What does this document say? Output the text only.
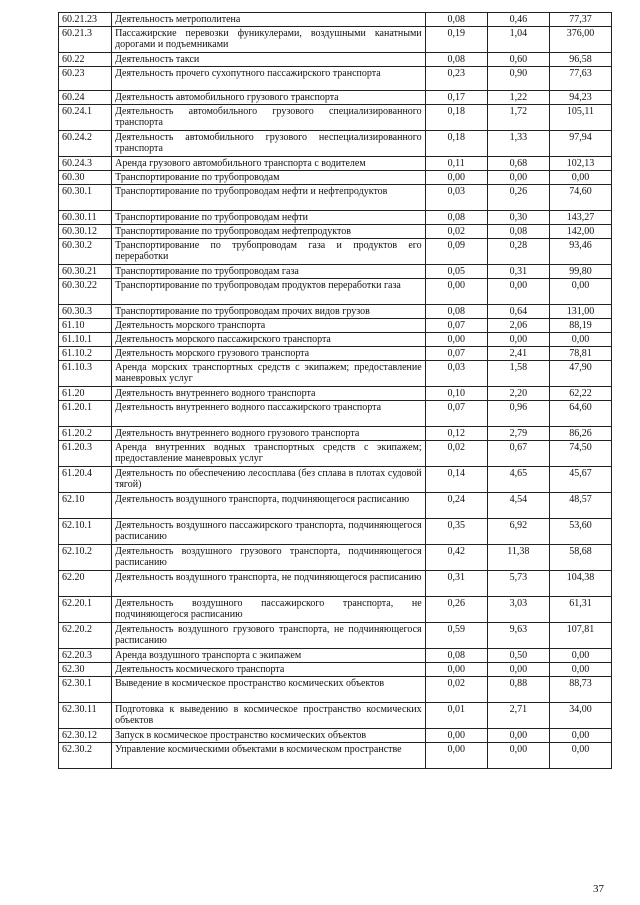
60.21.23	Деятельность метрополитена	0,08	0,46	77,37
60.21.3	Пассажирские перевозки фуникулерами, воздушными канатными дорогами и подъемниками	0,19	1,04	376,00
60.22	Деятельность такси	0,08	0,60	96,58
60.23	Деятельность прочего сухопутного пассажирского транспорта	0,23	0,90	77,63
60.24	Деятельность автомобильного грузового транспорта	0,17	1,22	94,23
60.24.1	Деятельность автомобильного грузового специализированного транспорта	0,18	1,72	105,11
60.24.2	Деятельность автомобильного грузового неспециализированного транспорта	0,18	1,33	97,94
60.24.3	Аренда грузового автомобильного транспорта с водителем	0,11	0,68	102,13
60.30	Транспортирование по трубопроводам	0,00	0,00	0,00
60.30.1	Транспортирование по трубопроводам нефти и нефтепродуктов	0,03	0,26	74,60
60.30.11	Транспортирование по трубопроводам нефти	0,08	0,30	143,27
60.30.12	Транспортирование по трубопроводам нефтепродуктов	0,02	0,08	142,00
60.30.2	Транспортирование по трубопроводам газа и продуктов его переработки	0,09	0,28	93,46
60.30.21	Транспортирование по трубопроводам газа	0,05	0,31	99,80
60.30.22	Транспортирование по трубопроводам продуктов переработки газа	0,00	0,00	0,00
60.30.3	Транспортирование по трубопроводам прочих видов грузов	0,08	0,64	131,00
61.10	Деятельность морского транспорта	0,07	2,06	88,19
61.10.1	Деятельность морского пассажирского транспорта	0,00	0,00	0,00
61.10.2	Деятельность морского грузового транспорта	0,07	2,41	78,81
61.10.3	Аренда морских транспортных средств с экипажем; предоставление маневровых услуг	0,03	1,58	47,90
61.20	Деятельность внутреннего водного транспорта	0,10	2,20	62,22
61.20.1	Деятельность внутреннего водного пассажирского транспорта	0,07	0,96	64,60
61.20.2	Деятельность внутреннего водного грузового транспорта	0,12	2,79	86,26
61.20.3	Аренда внутренних водных транспортных средств с экипажем; предоставление маневровых услуг	0,02	0,67	74,50
61.20.4	Деятельность по обеспечению лесосплава (без сплава в плотах судовой тягой)	0,14	4,65	45,67
62.10	Деятельность воздушного транспорта, подчиняющегося расписанию	0,24	4,54	48,57
62.10.1	Деятельность воздушного пассажирского транспорта, подчиняющегося расписанию	0,35	6,92	53,60
62.10.2	Деятельность воздушного грузового транспорта, подчиняющегося расписанию	0,42	11,38	58,68
62.20	Деятельность воздушного транспорта, не подчиняющегося расписанию	0,31	5,73	104,38
62.20.1	Деятельность воздушного пассажирского транспорта, не подчиняющегося расписанию	0,26	3,03	61,31
62.20.2	Деятельность воздушного грузового транспорта, не подчиняющегося расписанию	0,59	9,63	107,81
62.20.3	Аренда воздушного транспорта с экипажем	0,08	0,50	0,00
62.30	Деятельность космического транспорта	0,00	0,00	0,00
62.30.1	Выведение в космическое пространство космических объектов	0,02	0,88	88,73
62.30.11	Подготовка к выведению в космическое пространство космических объектов	0,01	2,71	34,00
62.30.12	Запуск в космическое пространство космических объектов	0,00	0,00	0,00
62.30.2	Управление космическими объектами в космическом пространстве	0,00	0,00	0,00
37
